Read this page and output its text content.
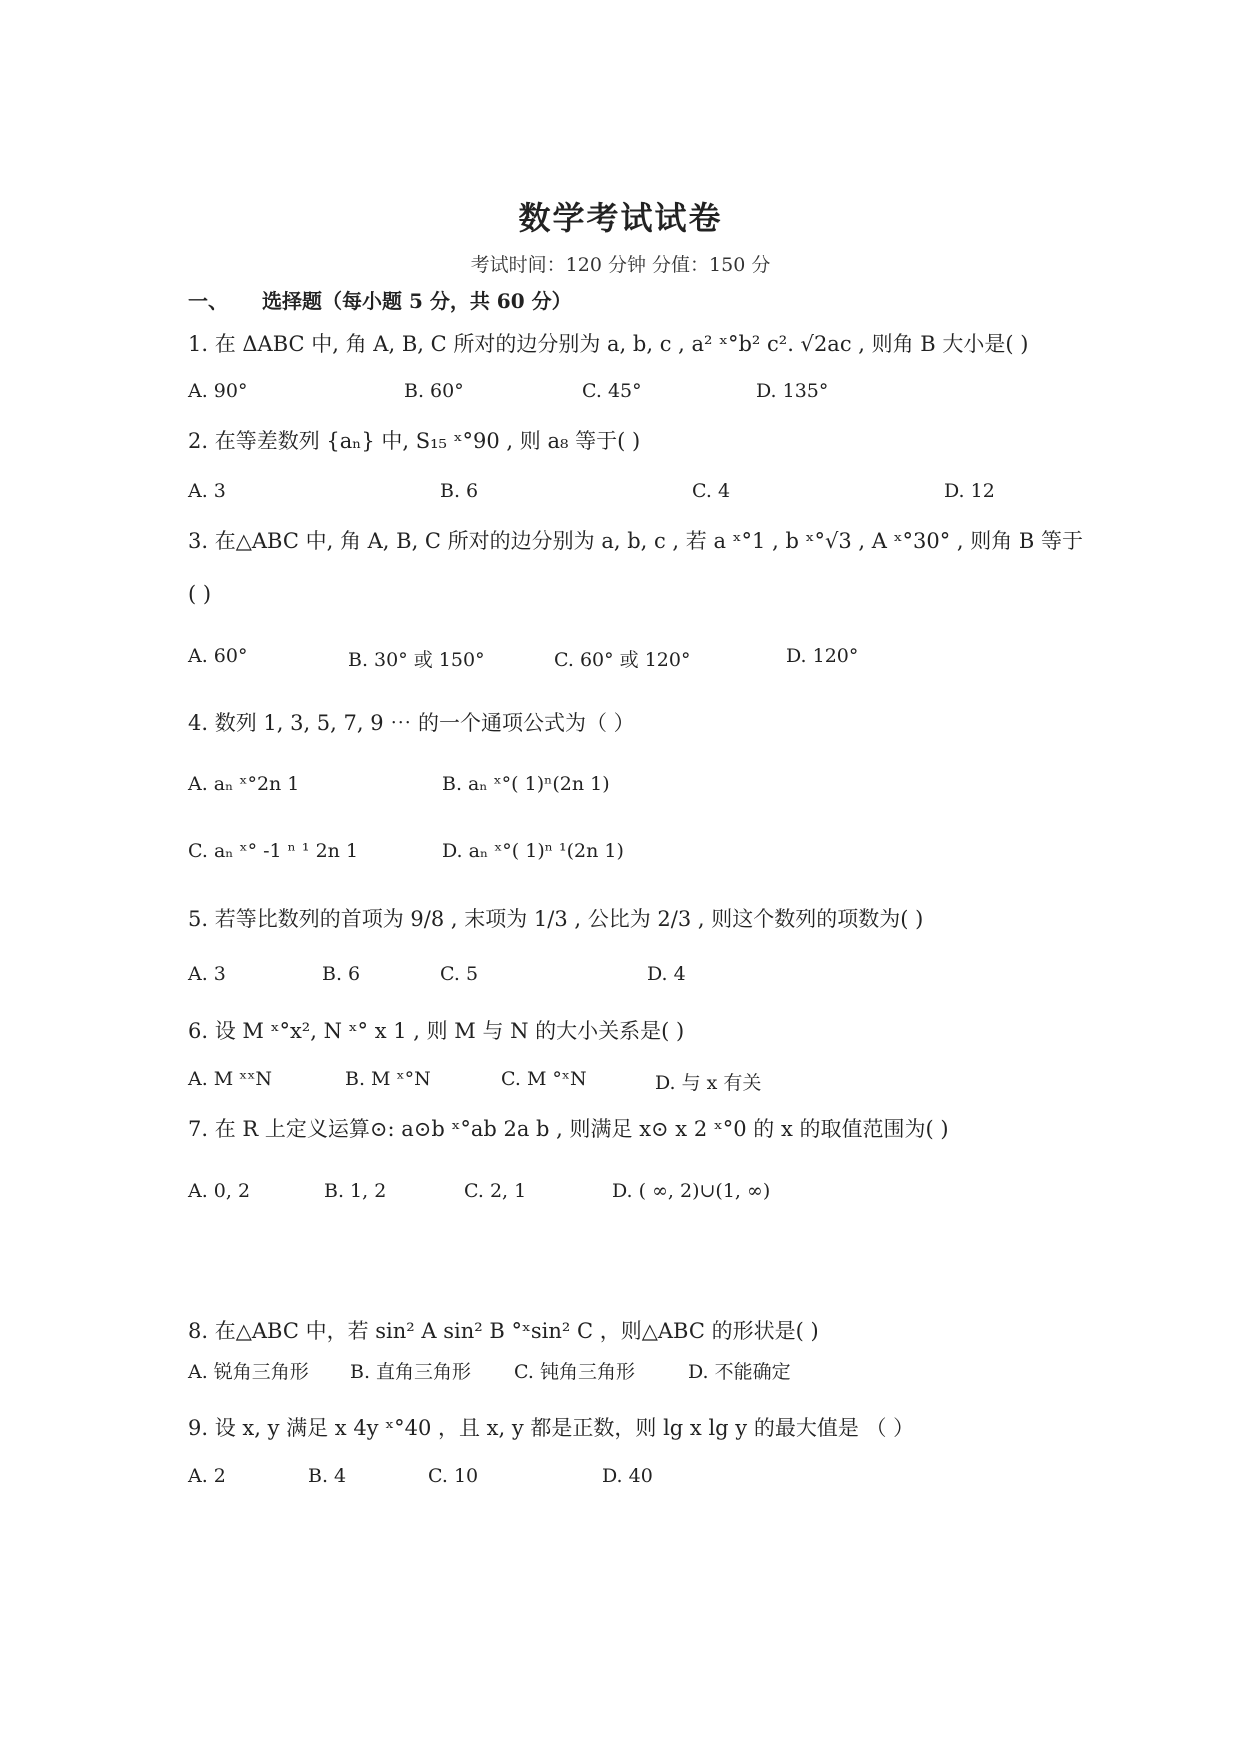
数学考试试卷
考试时间：120 分钟 分值：150 分
一、 选择题（每小题 5 分，共 60 分）
1. 在 ΔABC 中, 角 A, B, C 所对的边分别为 a, b, c , a² ˣ°b² c². √2ac , 则角 B 大小是( )
A. 90°	B. 60°	C. 45°	D. 135°
2. 在等差数列 {aₙ} 中, S₁₅ ˣ°90 , 则 a₈ 等于( )
A. 3	B. 6	C. 4	D. 12
3. 在△ABC 中, 角 A, B, C 所对的边分别为 a, b, c , 若 a ˣ°1 , b ˣ°√3 , A ˣ°30° , 则角 B 等于
( )
A. 60°	B. 30° 或 150°	C. 60° 或 120°	D. 120°
4. 数列 1, 3, 5, 7, 9 ⋯ 的一个通项公式为（ ）
A. aₙ ˣ°2n 1	B. aₙ ˣ°( 1)ⁿ(2n 1)
C. aₙ ˣ° -1 ⁿ ¹ 2n 1	D. aₙ ˣ°( 1)ⁿ ¹(2n 1)
5. 若等比数列的首项为 9/8 , 末项为 1/3 , 公比为 2/3 , 则这个数列的项数为( )
A. 3	B. 6	C. 5	D. 4
6. 设 M ˣ°x², N ˣ° x 1 , 则 M 与 N 的大小关系是( )
A. M ˣˣN	B. M ˣ°N	C. M °ˣN	D. 与 x 有关
7. 在 R 上定义运算⊙: a⊙b ˣ°ab 2a b , 则满足 x⊙ x 2 ˣ°0 的 x 的取值范围为( )
A. 0, 2	B. 1, 2	C. 2, 1	D. ( ∞, 2)∪(1, ∞)
8. 在△ABC 中，若 sin² A sin² B °ˣsin² C ，则△ABC 的形状是( )
A. 锐角三角形 B. 直角三角形 C. 钝角三角形	D. 不能确定
9. 设 x, y 满足 x 4y ˣ°40 ，且 x, y 都是正数，则 lg x lg y 的最大值是 （ ）
A. 2	B. 4	C. 10	D. 40
